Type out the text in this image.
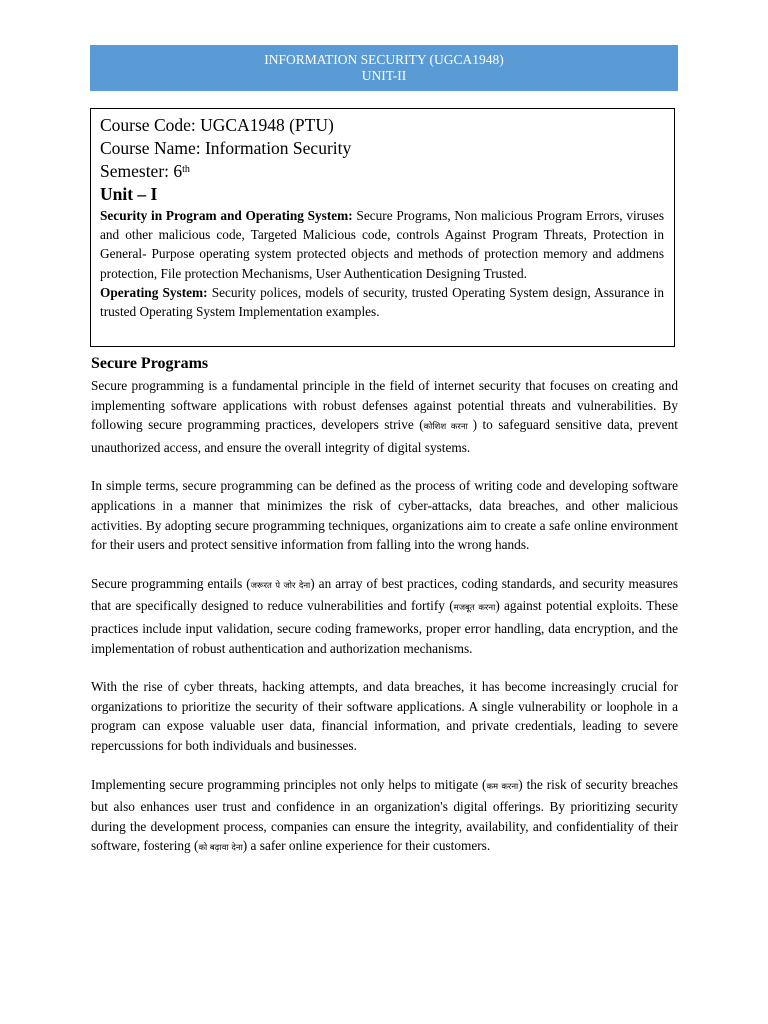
INFORMATION SECURITY (UGCA1948)
UNIT-II
Course Code: UGCA1948 (PTU)
Course Name: Information Security
Semester: 6th
Unit – I

Security in Program and Operating System: Secure Programs, Non malicious Program Errors, viruses and other malicious code, Targeted Malicious code, controls Against Program Threats, Protection in General- Purpose operating system protected objects and methods of protection memory and addmens protection, File protection Mechanisms, User Authentication Designing Trusted.

Operating System: Security polices, models of security, trusted Operating System design, Assurance in trusted Operating System Implementation examples.

Secure Programs

Secure programming is a fundamental principle in the field of internet security that focuses on creating and implementing software applications with robust defenses against potential threats and vulnerabilities. By following secure programming practices, developers strive (कोशिश करना ) to safeguard sensitive data, prevent unauthorized access, and ensure the overall integrity of digital systems.

In simple terms, secure programming can be defined as the process of writing code and developing software applications in a manner that minimizes the risk of cyber-attacks, data breaches, and other malicious activities. By adopting secure programming techniques, organizations aim to create a safe online environment for their users and protect sensitive information from falling into the wrong hands.

Secure programming entails (जरूरत पे जोर देना) an array of best practices, coding standards, and security measures that are specifically designed to reduce vulnerabilities and fortify (मजबूत करना) against potential exploits. These practices include input validation, secure coding frameworks, proper error handling, data encryption, and the implementation of robust authentication and authorization mechanisms.

With the rise of cyber threats, hacking attempts, and data breaches, it has become increasingly crucial for organizations to prioritize the security of their software applications. A single vulnerability or loophole in a program can expose valuable user data, financial information, and private credentials, leading to severe repercussions for both individuals and businesses.

Implementing secure programming principles not only helps to mitigate (कम करना) the risk of security breaches but also enhances user trust and confidence in an organization's digital offerings. By prioritizing security during the development process, companies can ensure the integrity, availability, and confidentiality of their software, fostering (को बढ़ावा देना) a safer online experience for their customers.
